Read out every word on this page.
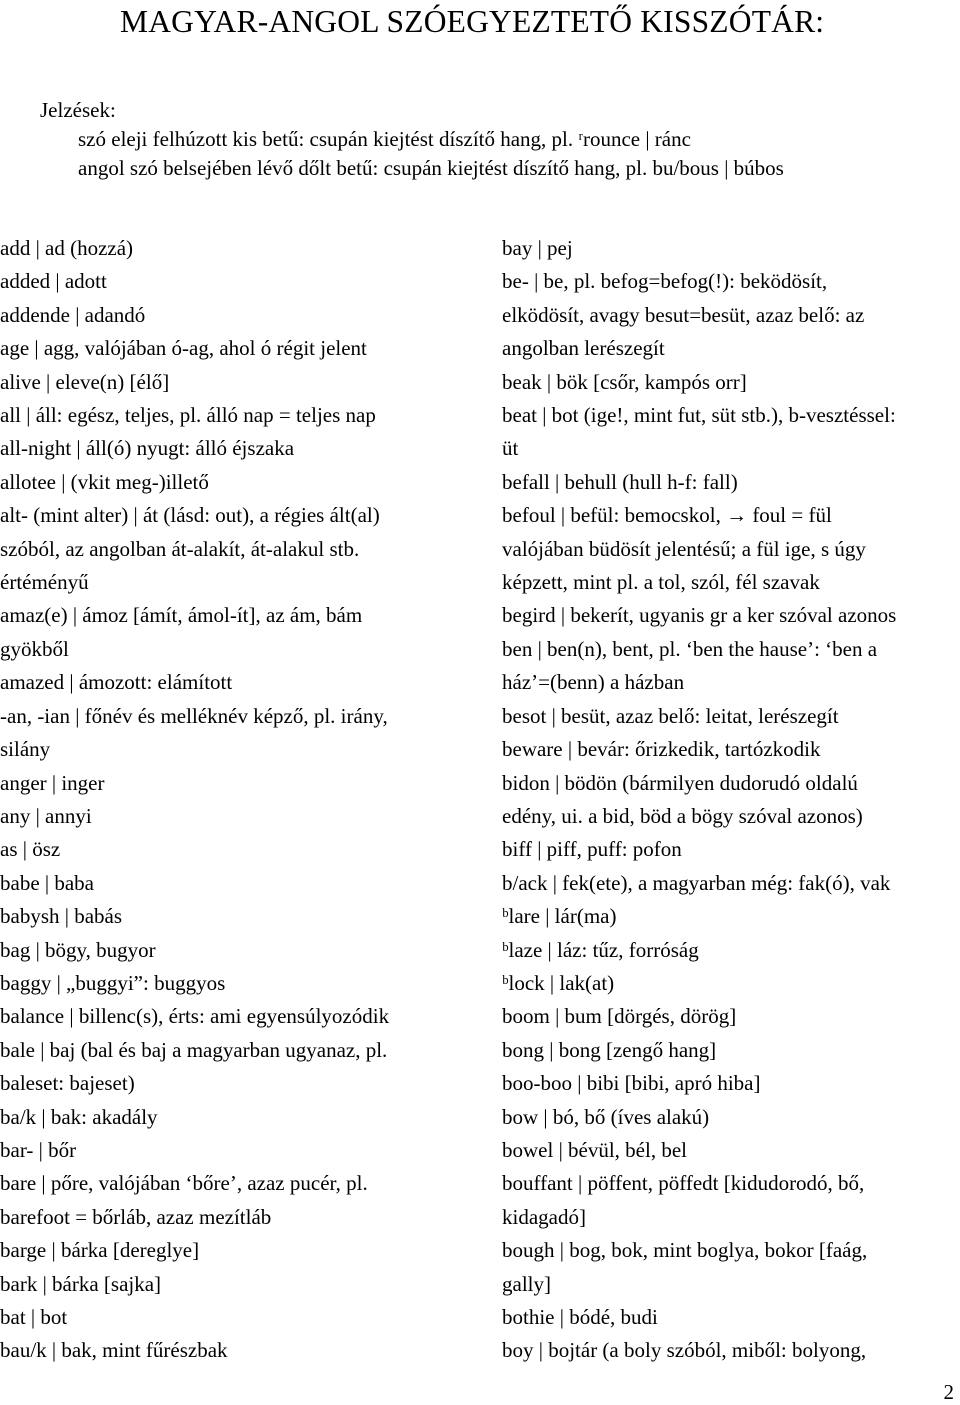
MAGYAR-ANGOL SZÓEGYEZTETŐ KISSZÓTÁR:
Jelzések:
szó eleji felhúzott kis betű: csupán kiejtést díszítő hang, pl. ʳrounce | ránc
angol szó belsejében lévő dőlt betű: csupán kiejtést díszítő hang, pl. bu/bous | búbos
add | ad (hozzá)
added | adott
addende | adandó
age | agg, valójában ó-ag, ahol ó régit jelent
alive | eleve(n) [élő]
all | áll: egész, teljes, pl. álló nap = teljes nap
all-night | áll(ó) nyugt: álló éjszaka
allotee | (vkit meg-)illető
alt- (mint alter) | át (lásd: out), a régies ált(al)
szóból, az angolban át-alakít, át-alakul stb.
értéményű
amaz(e) | ámoz [ámít, ámol-ít], az ám, bám
gyökből
amazed | ámozott: elámított
-an, -ian | főnév és melléknév képző, pl. irány,
silány
anger | inger
any | annyi
as | ösz
babe | baba
babysh | babás
bag | bögy, bugyor
baggy | „buggyi”: buggyos
balance | billenc(s), érts: ami egyensúlyozódik
bale | baj (bal és baj a magyarban ugyanaz, pl.
baleset: bajeset)
ba/k | bak: akadály
bar- | bőr
bare | pőre, valójában ‘bőre’, azaz pucér, pl.
barefoot = bőrláb, azaz mezítláb
barge | bárka [dereglye]
bark | bárka [sajka]
bat | bot
bau/k | bak, mint fűrészbak
bay | pej
be- | be, pl. befog=befog(!): beködösít,
elködösít, avagy besut=besüt, azaz belő: az
angolban lerészegít
beak | bök [csőr, kampós orr]
beat | bot (ige!, mint fut, süt stb.), b-vesztéssel:
üt
befall | behull (hull h-f: fall)
befoul | befül: bemocskol, → foul = fül
valójában büdösít jelentésű; a fül ige, s úgy
képzett, mint pl. a tol, szól, fél szavak
begird | bekerít, ugyanis gr a ker szóval azonos
ben | ben(n), bent, pl. ‘ben the hause’: ‘ben a
ház’=(benn) a házban
besot | besüt, azaz belő: leitat, lerészegít
beware | bevár: őrizkedik, tartózkodik
bidon | bödön (bármilyen dudorudó oldalú
edény, ui. a bid, böd a bögy szóval azonos)
biff | piff, puff: pofon
b/ack | fek(ete), a magyarban még: fak(ó), vak
ᵇlare | lár(ma)
ᵇlaze | láz: tűz, forróság
ᵇlock | lak(at)
boom | bum [dörgés, dörög]
bong | bong [zengő hang]
boo-boo | bibi [bibi, apró hiba]
bow | bó, bő (íves alakú)
bowel | bévül, bél, bel
bouffant | pöffent, pöffedt [kidudorodó, bő,
kidagadó]
bough | bog, bok, mint boglya, bokor [faág,
gally]
bothie | bódé, budi
boy | bojtár (a boly szóból, miből: bolyong,
2
